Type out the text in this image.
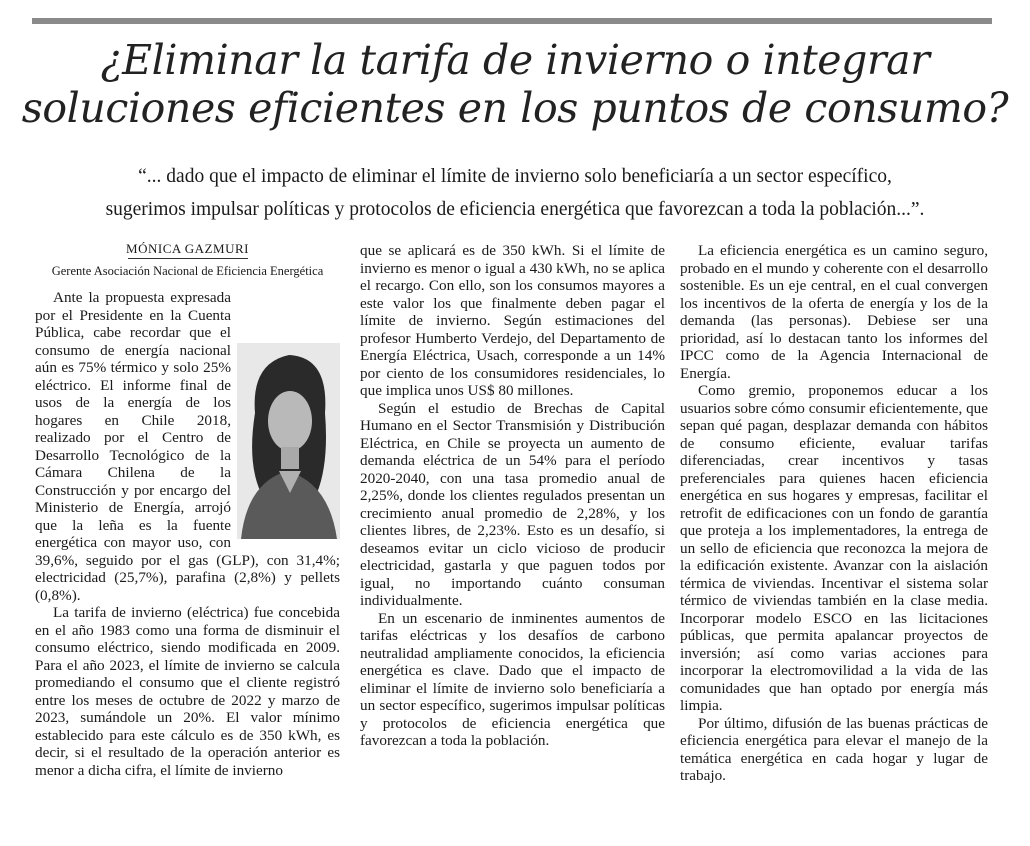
¿Eliminar la tarifa de invierno o integrar
soluciones eficientes en los puntos de consumo?
“... dado que el impacto de eliminar el límite de invierno solo beneficiaría a un sector específico,
sugerimos impulsar políticas y protocolos de eficiencia energética que favorezcan a toda la población...”.
MÓNICA GAZMURI
Gerente Asociación Nacional de Eficiencia Energética

Ante la propuesta expresada por el Presidente en la Cuenta Pública, cabe recordar que el consumo de energía nacional aún es 75% térmico y solo 25% eléctrico. El informe final de usos de la energía de los hogares en Chile 2018, realizado por el Centro de Desarrollo Tecnológico de la Cámara Chilena de la Construcción y por encargo del Ministerio de Energía, arrojó que la leña es la fuente energética con mayor uso, con 39,6%, seguido por el gas (GLP), con 31,4%; electricidad (25,7%), parafina (2,8%) y pellets (0,8%).

La tarifa de invierno (eléctrica) fue concebida en el año 1983 como una forma de disminuir el consumo eléctrico, siendo modificada en 2009. Para el año 2023, el límite de invierno se calcula promediando el consumo que el cliente registró entre los meses de octubre de 2022 y marzo de 2023, sumándole un 20%. El valor mínimo establecido para este cálculo es de 350 kWh, es decir, si el resultado de la operación anterior es menor a dicha cifra, el límite de invierno

que se aplicará es de 350 kWh. Si el límite de invierno es menor o igual a 430 kWh, no se aplica el recargo. Con ello, son los consumos mayores a este valor los que finalmente deben pagar el límite de invierno. Según estimaciones del profesor Humberto Verdejo, del Departamento de Energía Eléctrica, Usach, corresponde a un 14% por ciento de los consumidores residenciales, lo que implica unos US$ 80 millones.

Según el estudio de Brechas de Capital Humano en el Sector Transmisión y Distribución Eléctrica, en Chile se proyecta un aumento de demanda eléctrica de un 54% para el período 2020-2040, con una tasa promedio anual de 2,25%, donde los clientes regulados presentan un crecimiento anual promedio de 2,28%, y los clientes libres, de 2,23%. Esto es un desafío, si deseamos evitar un ciclo vicioso de producir electricidad, gastarla y que paguen todos por igual, no importando cuánto consuman individualmente.

En un escenario de inminentes aumentos de tarifas eléctricas y los desafíos de carbono neutralidad ampliamente conocidos, la eficiencia energética es clave. Dado que el impacto de eliminar el límite de invierno solo beneficiaría a un sector específico, sugerimos impulsar políticas y protocolos de eficiencia energética que favorezcan a toda la población.

La eficiencia energética es un camino seguro, probado en el mundo y coherente con el desarrollo sostenible. Es un eje central, en el cual convergen los incentivos de la oferta de energía y los de la demanda (las personas). Debiese ser una prioridad, así lo destacan tanto los informes del IPCC como de la Agencia Internacional de Energía.

Como gremio, proponemos educar a los usuarios sobre cómo consumir eficientemente, que sepan qué pagan, desplazar demanda con hábitos de consumo eficiente, evaluar tarifas diferenciadas, crear incentivos y tasas preferenciales para quienes hacen eficiencia energética en sus hogares y empresas, facilitar el retrofit de edificaciones con un fondo de garantía que proteja a los implementadores, la entrega de un sello de eficiencia que reconozca la mejora de la edificación existente. Avanzar con la aislación térmica de viviendas. Incentivar el sistema solar térmico de viviendas también en la clase media. Incorporar modelo ESCO en las licitaciones públicas, que permita apalancar proyectos de inversión; así como varias acciones para incorporar la electromovilidad a la vida de las comunidades que han optado por energía más limpia.

Por último, difusión de las buenas prácticas de eficiencia energética para elevar el manejo de la temática energética en cada hogar y lugar de trabajo.
